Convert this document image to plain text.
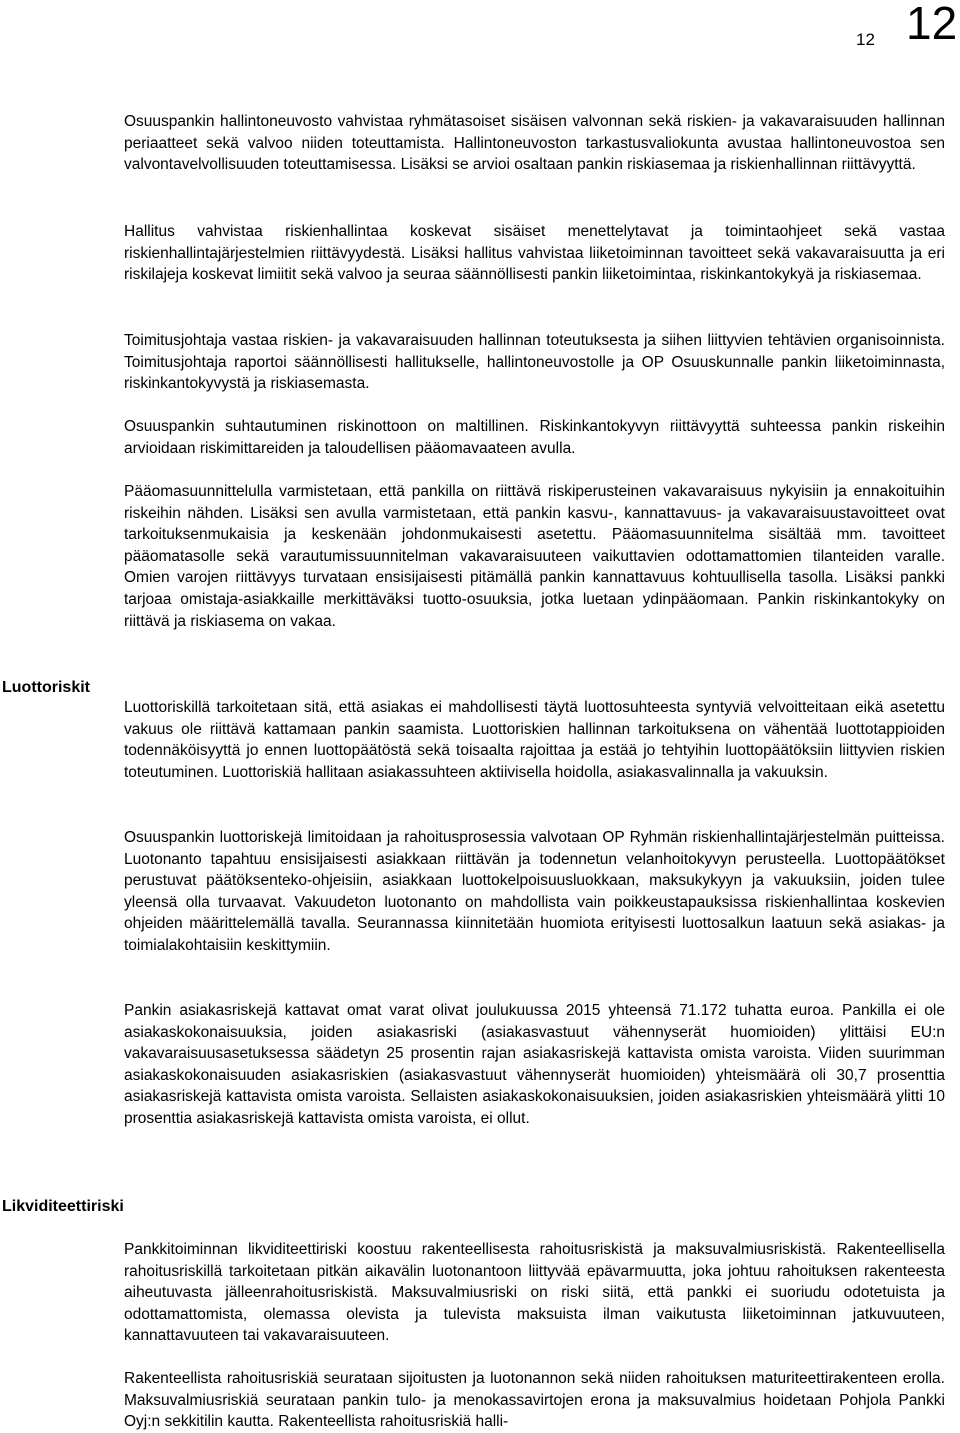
12 12
Luottoriskit
Likviditeettiriski

Osuuspankin hallintoneuvosto vahvistaa ryhmätasoiset sisäisen valvonnan sekä riskien- ja vakavaraisuuden hallinnan periaatteet sekä valvoo niiden toteuttamista. Hallintoneuvoston tarkastusvaliokunta avustaa hallintoneuvostoa sen valvontavelvollisuuden toteuttamisessa. Lisäksi se arvioi osaltaan pankin riskiasemaa ja riskienhallinnan riittävyyttä.

Hallitus vahvistaa riskienhallintaa koskevat sisäiset menettelytavat ja toimintaohjeet sekä vastaa riskienhallintajärjestelmien riittävyydestä. Lisäksi hallitus vahvistaa liiketoiminnan tavoitteet sekä vakavaraisuutta ja eri riskilajeja koskevat limiitit sekä valvoo ja seuraa säännöllisesti pankin liiketoimintaa, riskinkantokykyä ja riskiasemaa.

Toimitusjohtaja vastaa riskien- ja vakavaraisuuden hallinnan toteutuksesta ja siihen liittyvien tehtävien organisoinnista. Toimitusjohtaja raportoi säännöllisesti hallitukselle, hallintoneuvostolle ja OP Osuuskunnalle pankin liiketoiminnasta, riskinkantokyvystä ja riskiasemasta.

Osuuspankin suhtautuminen riskinottoon on maltillinen. Riskinkantokyvyn riittävyyttä suhteessa pankin riskeihin arvioidaan riskimittareiden ja taloudellisen pääomavaateen avulla.

Pääomasuunnittelulla varmistetaan, että pankilla on riittävä riskiperusteinen vakavaraisuus nykyisiin ja ennakoituihin riskeihin nähden. Lisäksi sen avulla varmistetaan, että pankin kasvu-, kannattavuus- ja vakavaraisuustavoitteet ovat tarkoituksenmukaisia ja keskenään johdonmukaisesti asetettu. Pääomasuunnitelma sisältää mm. tavoitteet pääomatasolle sekä varautumissuunnitelman vakavaraisuuteen vaikuttavien odottamattomien tilanteiden varalle. Omien varojen riittävyys turvataan ensisijaisesti pitämällä pankin kannattavuus kohtuullisella tasolla. Lisäksi pankki tarjoaa omistaja-asiakkaille merkittäväksi tuotto-osuuksia, jotka luetaan ydinpääomaan. Pankin riskinkantokyky on riittävä ja riskiasema on vakaa.

Luottoriskillä tarkoitetaan sitä, että asiakas ei mahdollisesti täytä luottosuhteesta syntyviä velvoitteitaan eikä asetettu vakuus ole riittävä kattamaan pankin saamista. Luottoriskien hallinnan tarkoituksena on vähentää luottotappioiden todennäköisyyttä jo ennen luottopäätöstä sekä toisaalta rajoittaa ja estää jo tehtyihin luottopäätöksiin liittyvien riskien toteutuminen. Luottoriskiä hallitaan asiakassuhteen aktiivisella hoidolla, asiakasvalinnalla ja vakuuksin.

Osuuspankin luottoriskejä limitoidaan ja rahoitusprosessia valvotaan OP Ryhmän riskienhallintajärjestelmän puitteissa. Luotonanto tapahtuu ensisijaisesti asiakkaan riittävän ja todennetun velanhoitokyvyn perusteella. Luottopäätökset perustuvat päätöksenteko-ohjeisiin, asiakkaan luottokelpoisuusluokkaan, maksukykyyn ja vakuuksiin, joiden tulee yleensä olla turvaavat. Vakuudeton luotonanto on mahdollista vain poikkeustapauksissa riskienhallintaa koskevien ohjeiden määrittelemällä tavalla. Seurannassa kiinnitetään huomiota erityisesti luottosalkun laatuun sekä asiakas- ja toimialakohtaisiin keskittymiin.

Pankin asiakasriskejä kattavat omat varat olivat joulukuussa 2015 yhteensä 71.172 tuhatta euroa. Pankilla ei ole asiakaskokonaisuuksia, joiden asiakasriski (asiakasvastuut vähennyserät huomioiden) ylittäisi EU:n vakavaraisuusasetuksessa säädetyn 25 prosentin rajan asiakasriskejä kattavista omista varoista. Viiden suurimman asiakaskokonaisuuden asiakasriskien (asiakasvastuut vähennyserät huomioiden) yhteismäärä oli 30,7 prosenttia asiakasriskejä kattavista omista varoista. Sellaisten asiakaskokonaisuuksien, joiden asiakasriskien yhteismäärä ylitti 10 prosenttia asiakasriskejä kattavista omista varoista, ei ollut.

Pankkitoiminnan likviditeettiriski koostuu rakenteellisesta rahoitusriskistä ja maksuvalmiusriskistä. Rakenteellisella rahoitusriskillä tarkoitetaan pitkän aikavälin luotonantoon liittyvää epävarmuutta, joka johtuu rahoituksen rakenteesta aiheutuvasta jälleenrahoitusriskistä. Maksuvalmiusriski on riski siitä, että pankki ei suoriudu odotetuista ja odottamattomista, olemassa olevista ja tulevista maksuista ilman vaikutusta liiketoiminnan jatkuvuuteen, kannattavuuteen tai vakavaraisuuteen.

Rakenteellista rahoitusriskiä seurataan sijoitusten ja luotonannon sekä niiden rahoituksen maturiteettirakenteen erolla. Maksuvalmiusriskiä seurataan pankin tulo- ja menokassavirtojen erona ja maksuvalmius hoidetaan Pohjola Pankki Oyj:n sekkitilin kautta. Rakenteellista rahoitusriskiä halli-
